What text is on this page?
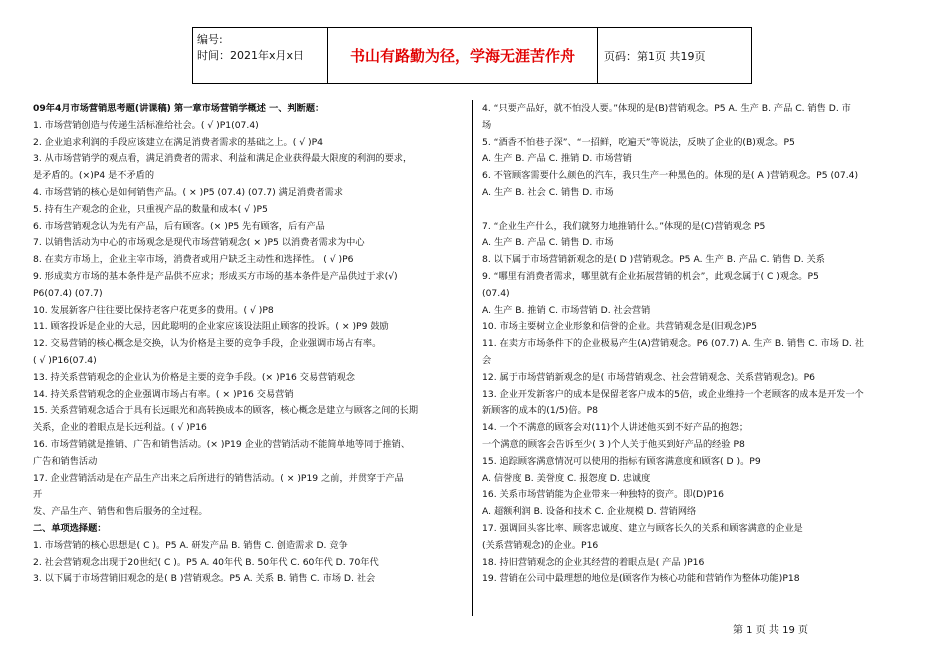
编号:
时间：2021年x月x日	书山有路勤为径，学海无涯苦作舟	页码：第1页 共19页

09年4月市场营销思考题(讲课稿) 第一章市场营销学概述 一、判断题：

1. 市场营销创造与传递生活标准给社会。( √ )P1(07.4)

2. 企业追求利润的手段应该建立在满足消费者需求的基础之上。( √ )P4

3. 从市场营销学的观点看，满足消费者的需求、利益和满足企业获得最大限度的利润的要求，

是矛盾的。(×)P4 是不矛盾的

4. 市场营销的核心是如何销售产品。( × )P5 (07.4) (07.7) 满足消费者需求

5. 持有生产观念的企业，只重视产品的数量和成本( √ )P5

6. 市场营销观念认为先有产品，后有顾客。(× )P5 先有顾客，后有产品

7. 以销售活动为中心的市场观念是现代市场营销观念( × )P5 以消费者需求为中心

8. 在卖方市场上，企业主宰市场，消费者或用户缺乏主动性和选择性。 ( √ )P6

9. 形成卖方市场的基本条件是产品供不应求；形成买方市场的基本条件是产品供过于求(√)

P6(07.4) (07.7)

10. 发展新客户往往要比保持老客户花更多的费用。( √ )P8

11. 顾客投诉是企业的大忌，因此聪明的企业家应该设法阻止顾客的投诉。( × )P9 鼓励

12. 交易营销的核心概念是交换，认为价格是主要的竞争手段，企业强调市场占有率。

( √ )P16(07.4)

13. 持关系营销观念的企业认为价格是主要的竞争手段。(× )P16 交易营销观念

14. 持关系营销观念的企业强调市场占有率。( × )P16 交易营销

15. 关系营销观念适合于具有长远眼光和高转换成本的顾客，核心概念是建立与顾客之间的长期

关系，企业的着眼点是长远利益。( √ )P16

16. 市场营销就是推销、广告和销售活动。(× )P19 企业的营销活动不能简单地等同于推销、

广告和销售活动

17. 企业营销活动是在产品生产出来之后所进行的销售活动。( × )P19 之前，并贯穿于产品

开

发、产品生产、销售和售后服务的全过程。

二、单项选择题：

1. 市场营销的核心思想是( C )。P5 A. 研发产品 B. 销售 C. 创造需求 D. 竞争

2. 社会营销观念出现于20世纪( C )。P5 A. 40年代 B. 50年代 C. 60年代 D. 70年代

3. 以下属于市场营销旧观念的是( B )营销观念。P5 A. 关系 B. 销售 C. 市场 D. 社会

4. “只要产品好，就不怕没人要。”体现的是(B)营销观念。P5 A. 生产 B. 产品 C. 销售 D. 市

场

5. “酒香不怕巷子深”、“一招鲜，吃遍天”等说法，反映了企业的(B)观念。P5

A. 生产 B. 产品 C. 推销 D. 市场营销

6. 不管顾客需要什么颜色的汽车，我只生产一种黑色的。体现的是( A )营销观念。P5 (07.4)

A. 生产 B. 社会 C. 销售 D. 市场

7. “企业生产什么，我们就努力地推销什么。”体现的是(C)营销观念 P5

A. 生产 B. 产品 C. 销售 D. 市场

8. 以下属于市场营销新观念的是( D )营销观念。P5 A. 生产 B. 产品 C. 销售 D. 关系

9. “哪里有消费者需求，哪里就有企业拓展营销的机会”，此观念属于( C )观念。P5

(07.4)

A. 生产 B. 推销 C. 市场营销 D. 社会营销

10. 市场主要树立企业形象和信誉的企业。共营销观念是(旧观念)P5

11. 在卖方市场条件下的企业极易产生(A)营销观念。P6 (07.7) A. 生产 B. 销售 C. 市场 D. 社

会

12. 属于市场营销新观念的是( 市场营销观念、社会营销观念、关系营销观念)。P6

13. 企业开发新客户的成本是保留老客户成本的5倍，或企业维持一个老顾客的成本是开发一个

新顾客的成本的(1/5)倍。P8

14. 一个不满意的顾客会对(11)个人讲述他买到不好产品的抱怨；

一个满意的顾客会告诉至少( 3 )个人关于他买到好产品的经验 P8

15. 追踪顾客满意情况可以使用的指标有顾客满意度和顾客( D )。P9

A. 信誉度 B. 美誉度 C. 报怨度 D. 忠诚度

16. 关系市场营销能为企业带来一种独特的资产。即(D)P16

A. 超额利润 B. 设备和技术 C. 企业规模 D. 营销网络

17. 强调回头客比率、顾客忠诚度、建立与顾客长久的关系和顾客满意的企业是

(关系营销观念)的企业。P16

18. 持旧营销观念的企业其经营的着眼点是( 产品 )P16

19. 营销在公司中最理想的地位是(顾客作为核心功能和营销作为整体功能)P18

第 1 页 共 19 页
